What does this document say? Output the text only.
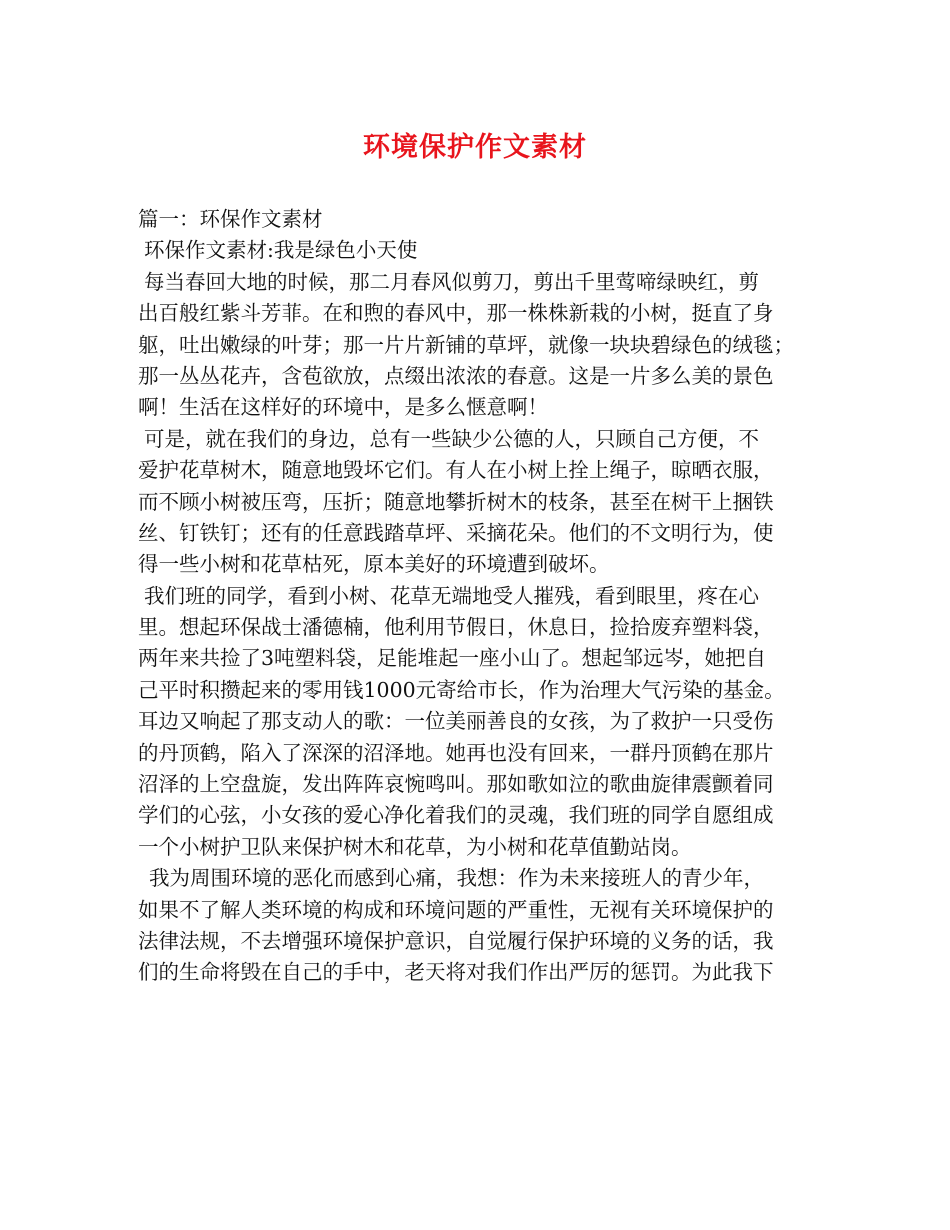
环境保护作文素材
篇一：环保作文素材
环保作文素材:我是绿色小天使
每当春回大地的时候，那二月春风似剪刀，剪出千里莺啼绿映红，剪
出百般红紫斗芳菲。在和煦的春风中，那一株株新栽的小树，挺直了身
躯，吐出嫩绿的叶芽；那一片片新铺的草坪，就像一块块碧绿色的绒毯；
那一丛丛花卉，含苞欲放，点缀出浓浓的春意。这是一片多么美的景色
啊！生活在这样好的环境中，是多么惬意啊！
可是，就在我们的身边，总有一些缺少公德的人，只顾自己方便，不
爱护花草树木，随意地毁坏它们。有人在小树上拴上绳子，晾晒衣服，
而不顾小树被压弯，压折；随意地攀折树木的枝条，甚至在树干上捆铁
丝、钉铁钉；还有的任意践踏草坪、采摘花朵。他们的不文明行为，使
得一些小树和花草枯死，原本美好的环境遭到破坏。
我们班的同学，看到小树、花草无端地受人摧残，看到眼里，疼在心
里。想起环保战士潘德楠，他利用节假日，休息日，捡拾废弃塑料袋，
两年来共捡了3吨塑料袋，足能堆起一座小山了。想起邹远岑，她把自
己平时积攒起来的零用钱1000元寄给市长，作为治理大气污染的基金。
耳边又响起了那支动人的歌：一位美丽善良的女孩，为了救护一只受伤
的丹顶鹤，陷入了深深的沼泽地。她再也没有回来，一群丹顶鹤在那片
沼泽的上空盘旋，发出阵阵哀惋鸣叫。那如歌如泣的歌曲旋律震颤着同
学们的心弦，小女孩的爱心净化着我们的灵魂，我们班的同学自愿组成
一个小树护卫队来保护树木和花草，为小树和花草值勤站岗。
我为周围环境的恶化而感到心痛，我想：作为未来接班人的青少年，
如果不了解人类环境的构成和环境问题的严重性，无视有关环境保护的
法律法规，不去增强环境保护意识，自觉履行保护环境的义务的话，我
们的生命将毁在自己的手中，老天将对我们作出严厉的惩罚。为此我下
